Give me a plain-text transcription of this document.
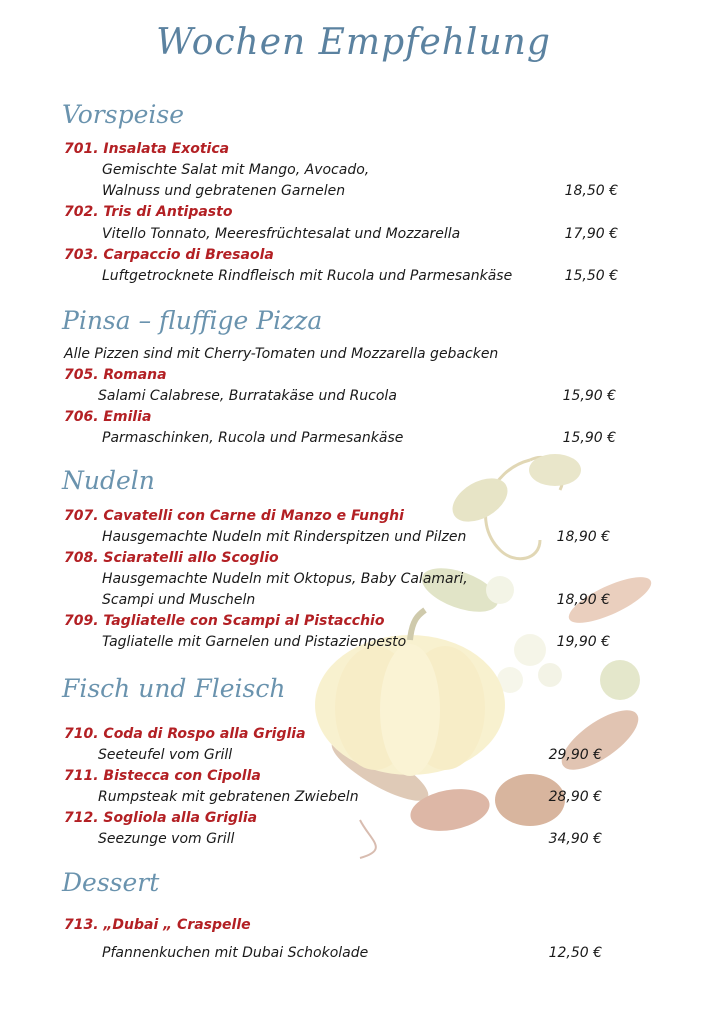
Wochen Empfehlung
Vorspeise
701. Insalata Exotica
Gemischte Salat mit Mango, Avocado,
Walnuss und gebratenen Garnelen	18,50 €
702. Tris di Antipasto
Vitello Tonnato, Meeresfrüchtesalat und Mozzarella	17,90 €
703. Carpaccio di Bresaola
Luftgetrocknete Rindfleisch mit Rucola und Parmesankäse	15,50 €
Pinsa – fluffige Pizza
Alle Pizzen sind mit Cherry-Tomaten und Mozzarella gebacken
705. Romana
Salami Calabrese, Burratakäse und Rucola	15,90 €
706. Emilia
Parmaschinken, Rucola und Parmesankäse	15,90 €
Nudeln
707. Cavatelli con Carne di Manzo e Funghi
Hausgemachte Nudeln mit Rinderspitzen und Pilzen	18,90 €
708. Sciaratelli allo Scoglio
Hausgemachte Nudeln mit Oktopus, Baby Calamari,
Scampi und Muscheln	18,90 €
709. Tagliatelle con Scampi al Pistacchio
Tagliatelle mit Garnelen und Pistazienpesto	19,90 €
Fisch und Fleisch
710. Coda di Rospo alla Griglia
Seeteufel vom Grill	29,90 €
711. Bistecca con Cipolla
Rumpsteak mit gebratenen Zwiebeln	28,90 €
712. Sogliola alla Griglia
Seezunge vom Grill	34,90 €
Dessert
713. „Dubai „ Craspelle
Pfannenkuchen mit Dubai Schokolade	12,50 €
